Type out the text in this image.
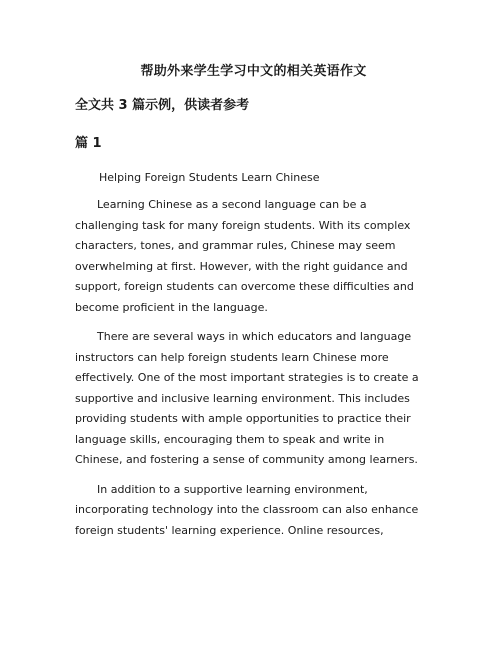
帮助外来学生学习中文的相关英语作文
全文共 3 篇示例，供读者参考
篇 1

Helping Foreign Students Learn Chinese

Learning Chinese as a second language can be a challenging task for many foreign students. With its complex characters, tones, and grammar rules, Chinese may seem overwhelming at first. However, with the right guidance and support, foreign students can overcome these difficulties and become proficient in the language.

There are several ways in which educators and language instructors can help foreign students learn Chinese more effectively. One of the most important strategies is to create a supportive and inclusive learning environment. This includes providing students with ample opportunities to practice their language skills, encouraging them to speak and write in Chinese, and fostering a sense of community among learners.

In addition to a supportive learning environment, incorporating technology into the classroom can also enhance foreign students' learning experience. Online resources,
